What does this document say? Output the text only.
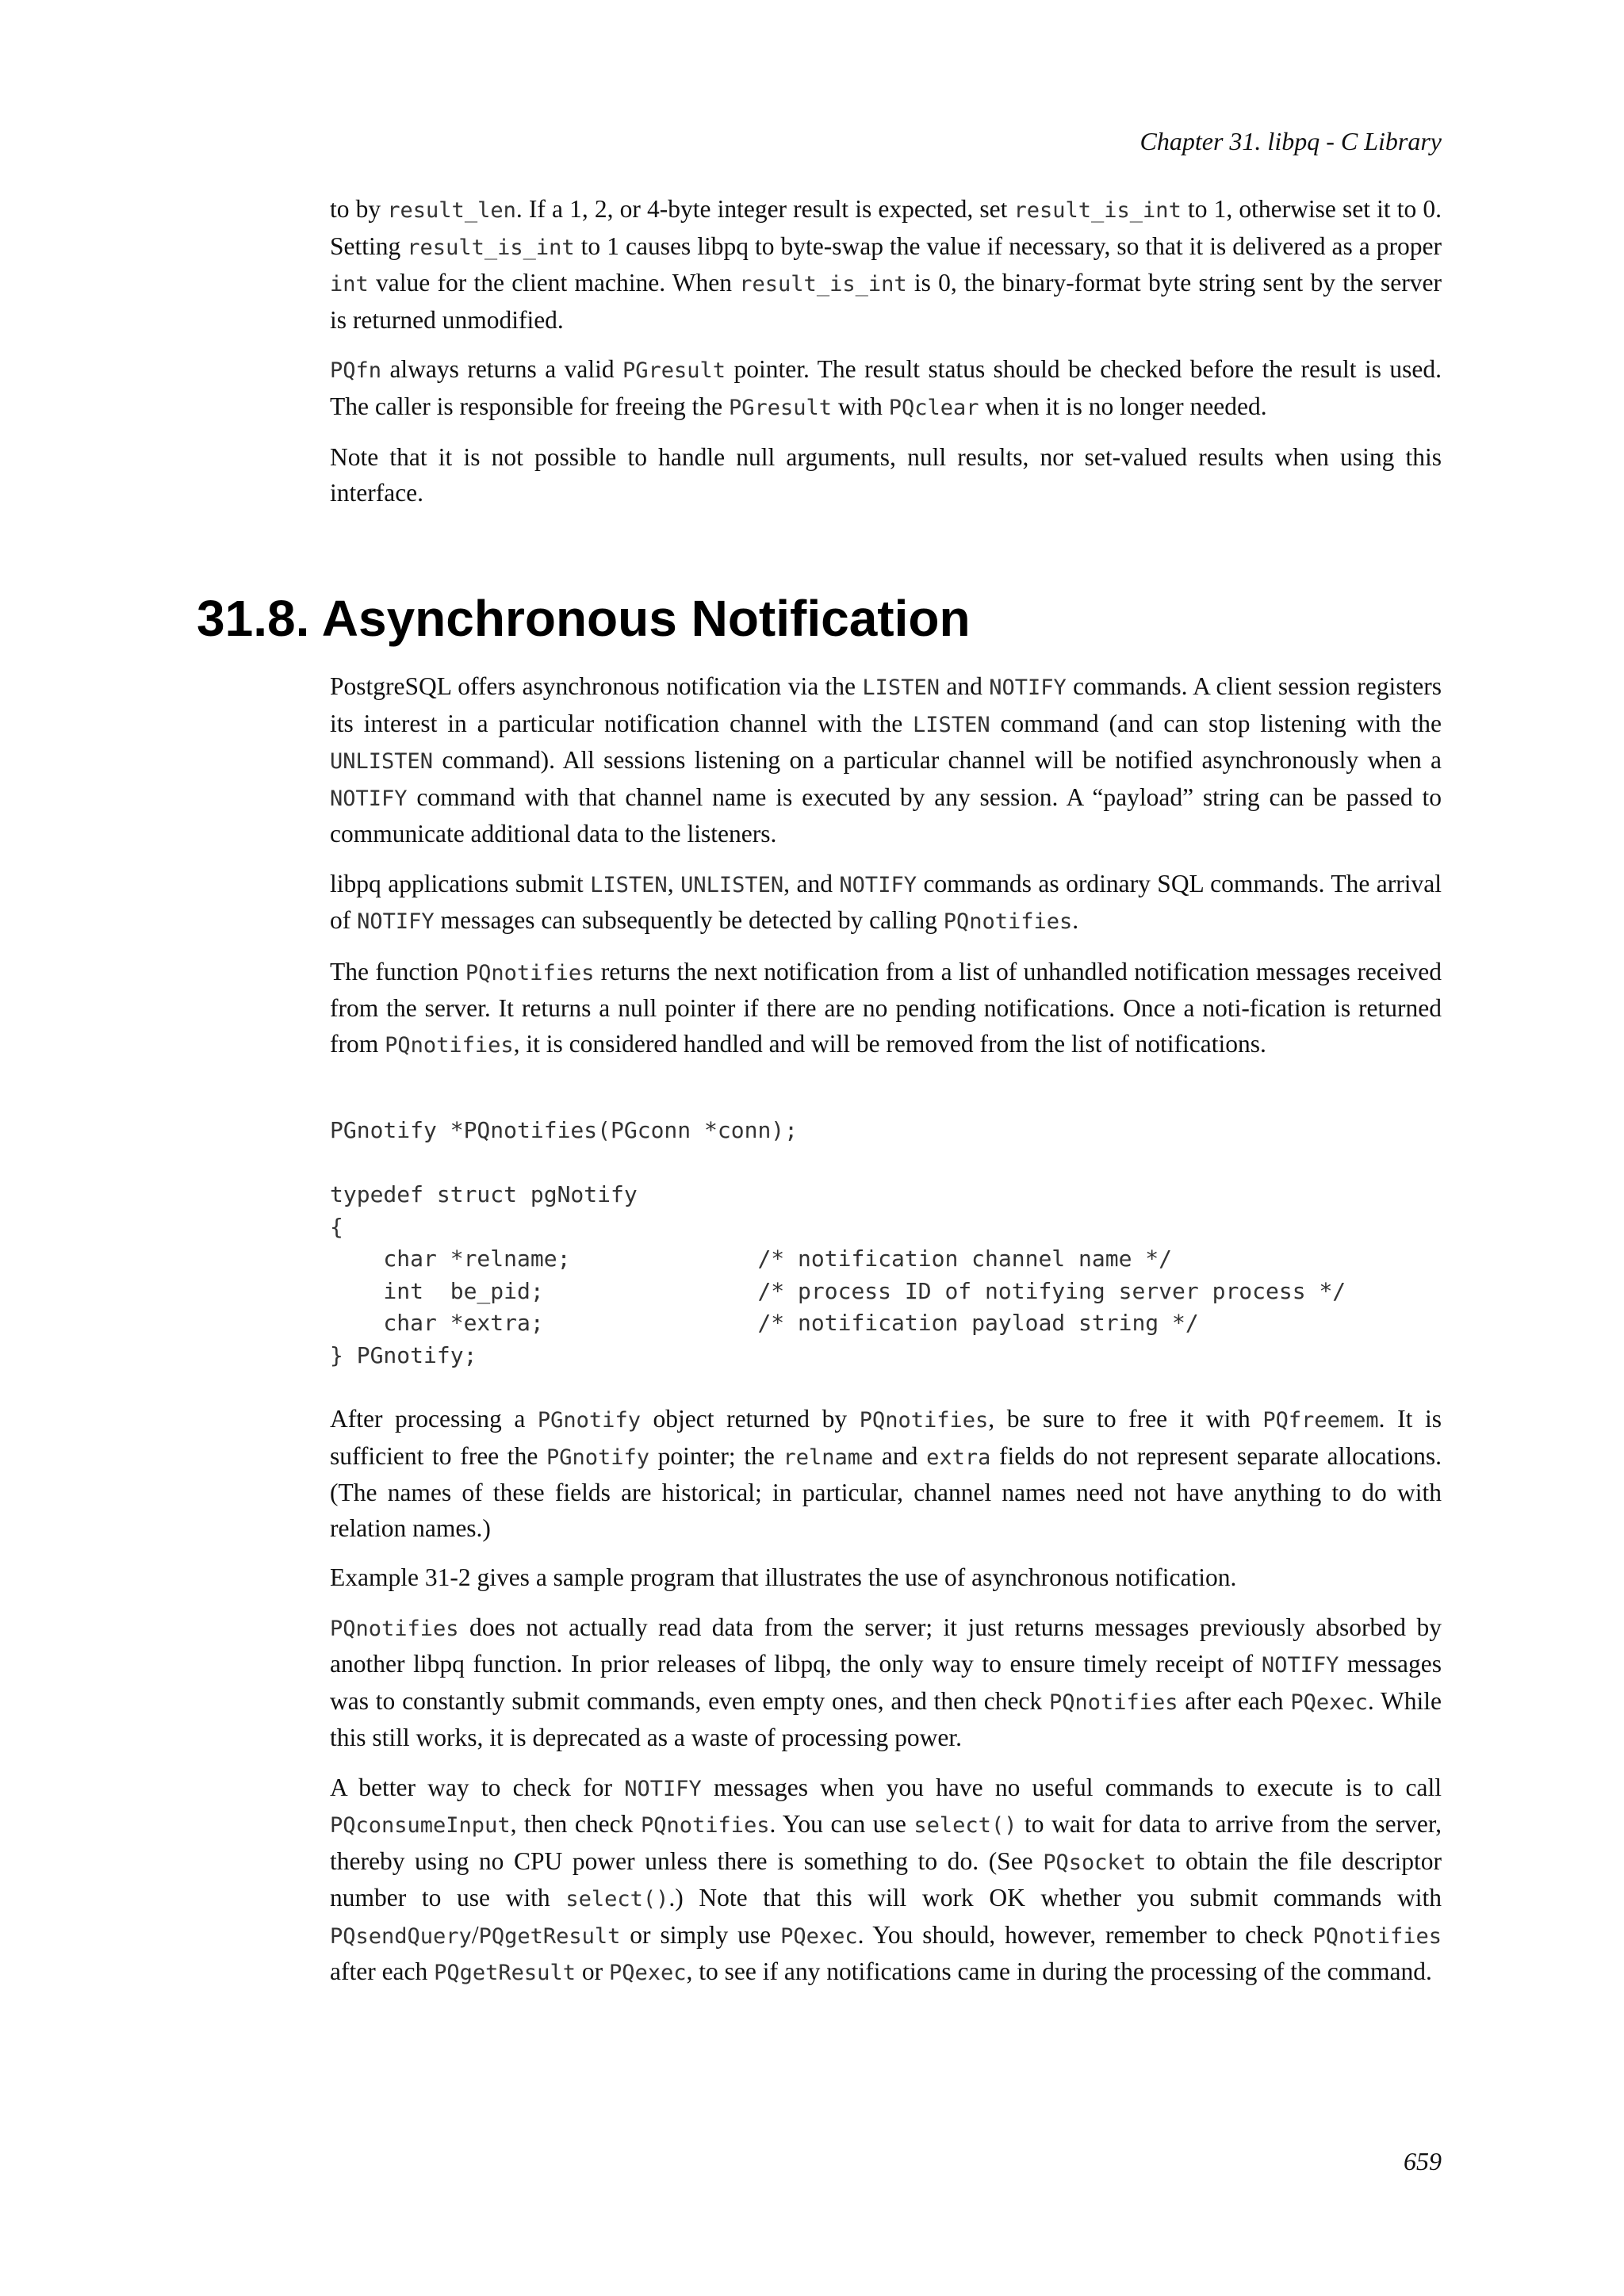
Chapter 31. libpq - C Library

to by result_len. If a 1, 2, or 4-byte integer result is expected, set result_is_int to 1, otherwise set it to 0. Setting result_is_int to 1 causes libpq to byte-swap the value if necessary, so that it is delivered as a proper int value for the client machine. When result_is_int is 0, the binary-format byte string sent by the server is returned unmodified.

PQfn always returns a valid PGresult pointer. The result status should be checked before the result is used. The caller is responsible for freeing the PGresult with PQclear when it is no longer needed.

Note that it is not possible to handle null arguments, null results, nor set-valued results when using this interface.

31.8. Asynchronous Notification

PostgreSQL offers asynchronous notification via the LISTEN and NOTIFY commands. A client session registers its interest in a particular notification channel with the LISTEN command (and can stop listening with the UNLISTEN command). All sessions listening on a particular channel will be notified asynchronously when a NOTIFY command with that channel name is executed by any session. A “payload” string can be passed to communicate additional data to the listeners.

libpq applications submit LISTEN, UNLISTEN, and NOTIFY commands as ordinary SQL commands. The arrival of NOTIFY messages can subsequently be detected by calling PQnotifies.

The function PQnotifies returns the next notification from a list of unhandled notification messages received from the server. It returns a null pointer if there are no pending notifications. Once a noti-fication is returned from PQnotifies, it is considered handled and will be removed from the list of notifications.

PGnotify *PQnotifies(PGconn *conn);

typedef struct pgNotify
{
char *relname;              /* notification channel name */
int  be_pid;                /* process ID of notifying server process */
char *extra;                /* notification payload string */
} PGnotify;

After processing a PGnotify object returned by PQnotifies, be sure to free it with PQfreemem. It is sufficient to free the PGnotify pointer; the relname and extra fields do not represent separate allocations. (The names of these fields are historical; in particular, channel names need not have anything to do with relation names.)

Example 31-2 gives a sample program that illustrates the use of asynchronous notification.

PQnotifies does not actually read data from the server; it just returns messages previously absorbed by another libpq function. In prior releases of libpq, the only way to ensure timely receipt of NOTIFY messages was to constantly submit commands, even empty ones, and then check PQnotifies after each PQexec. While this still works, it is deprecated as a waste of processing power.

A better way to check for NOTIFY messages when you have no useful commands to execute is to call PQconsumeInput, then check PQnotifies. You can use select() to wait for data to arrive from the server, thereby using no CPU power unless there is something to do. (See PQsocket to obtain the file descriptor number to use with select().) Note that this will work OK whether you submit commands with PQsendQuery/PQgetResult or simply use PQexec. You should, however, remember to check PQnotifies after each PQgetResult or PQexec, to see if any notifications came in during the processing of the command.

659
